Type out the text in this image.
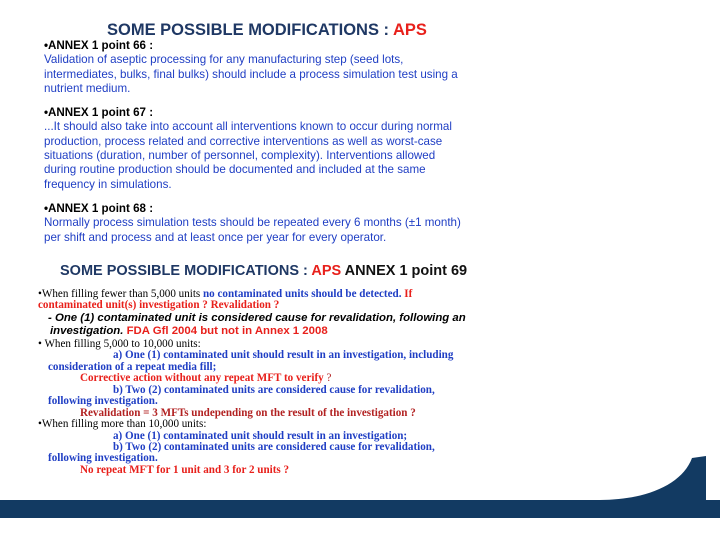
SOME POSSIBLE MODIFICATIONS : APS

•ANNEX 1 point 66 :

Validation of aseptic processing for any manufacturing step (seed lots,

intermediates, bulks, final bulks) should include a process simulation test using a

nutrient medium.

•ANNEX 1 point 67 :

...It should also take into account all interventions known to occur during normal

production, process related and corrective interventions as well as worst-case

situations (duration, number of personnel, complexity). Interventions allowed

during routine production should be documented and included at the same

frequency in simulations.

•ANNEX 1 point 68 :

Normally process simulation tests should be repeated every 6 months (±1 month)

per shift and process and at least once per year for every operator.

SOME POSSIBLE MODIFICATIONS : APS ANNEX 1 point 69

•When filling fewer than 5,000 units no contaminated units should be detected. If

contaminated unit(s) investigation ? Revalidation ?

- One (1) contaminated unit is considered cause for revalidation, following an

investigation. FDA Gfl 2004 but not in Annex 1 2008

• When filling 5,000 to 10,000 units:

a) One (1) contaminated unit should result in an investigation, including

consideration of a repeat media fill;

Corrective action without any repeat MFT to verify ?

b) Two (2) contaminated units are considered cause for revalidation,

following investigation.

Revalidation = 3 MFTs undepending on the result of the investigation ?

•When filling more than 10,000 units:

a) One (1) contaminated unit should result in an investigation;

b) Two (2) contaminated units are considered cause for revalidation,

following investigation.

No repeat MFT for 1 unit and 3 for 2 units ?
